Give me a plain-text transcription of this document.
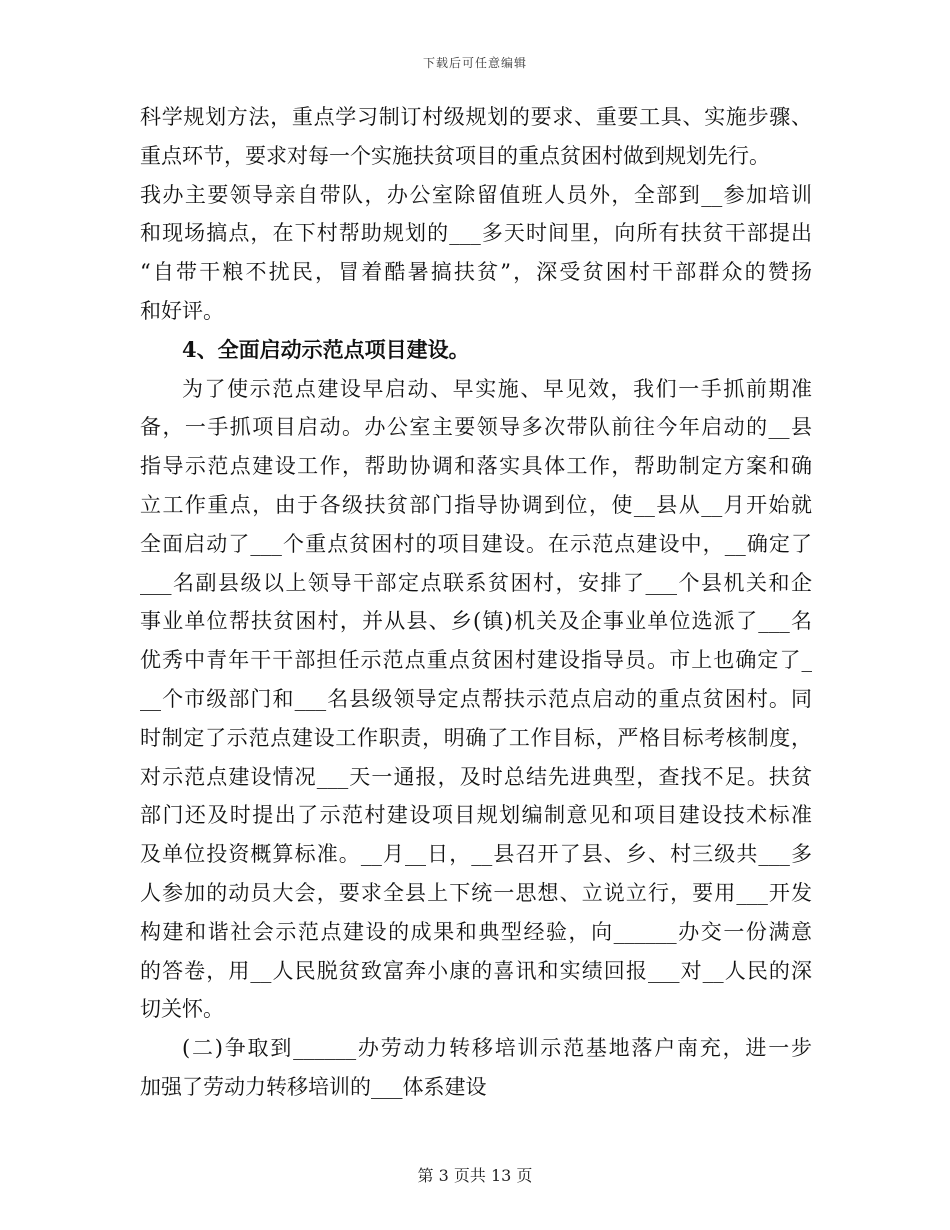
下载后可任意编辑
科学规划方法，重点学习制订村级规划的要求、重要工具、实施步骤、
重点环节，要求对每一个实施扶贫项目的重点贫困村做到规划先行。
我办主要领导亲自带队，办公室除留值班人员外，全部到__参加培训
和现场搞点，在下村帮助规划的___多天时间里，向所有扶贫干部提出
“自带干粮不扰民，冒着酷暑搞扶贫”，深受贫困村干部群众的赞扬
和好评。
4、全面启动示范点项目建设。
为了使示范点建设早启动、早实施、早见效，我们一手抓前期准
备，一手抓项目启动。办公室主要领导多次带队前往今年启动的__县
指导示范点建设工作，帮助协调和落实具体工作，帮助制定方案和确
立工作重点，由于各级扶贫部门指导协调到位，使__县从__月开始就
全面启动了___个重点贫困村的项目建设。在示范点建设中，__确定了
___名副县级以上领导干部定点联系贫困村，安排了___个县机关和企
事业单位帮扶贫困村，并从县、乡(镇)机关及企事业单位选派了___名
优秀中青年干干部担任示范点重点贫困村建设指导员。市上也确定了_
__个市级部门和___名县级领导定点帮扶示范点启动的重点贫困村。同
时制定了示范点建设工作职责，明确了工作目标，严格目标考核制度，
对示范点建设情况___天一通报，及时总结先进典型，查找不足。扶贫
部门还及时提出了示范村建设项目规划编制意见和项目建设技术标准
及单位投资概算标准。__月__日，__县召开了县、乡、村三级共___多
人参加的动员大会，要求全县上下统一思想、立说立行，要用___开发
构建和谐社会示范点建设的成果和典型经验，向______办交一份满意
的答卷，用__人民脱贫致富奔小康的喜讯和实绩回报___对__人民的深
切关怀。
(二)争取到______办劳动力转移培训示范基地落户南充，进一步
加强了劳动力转移培训的___体系建设
第 3 页共 13 页
